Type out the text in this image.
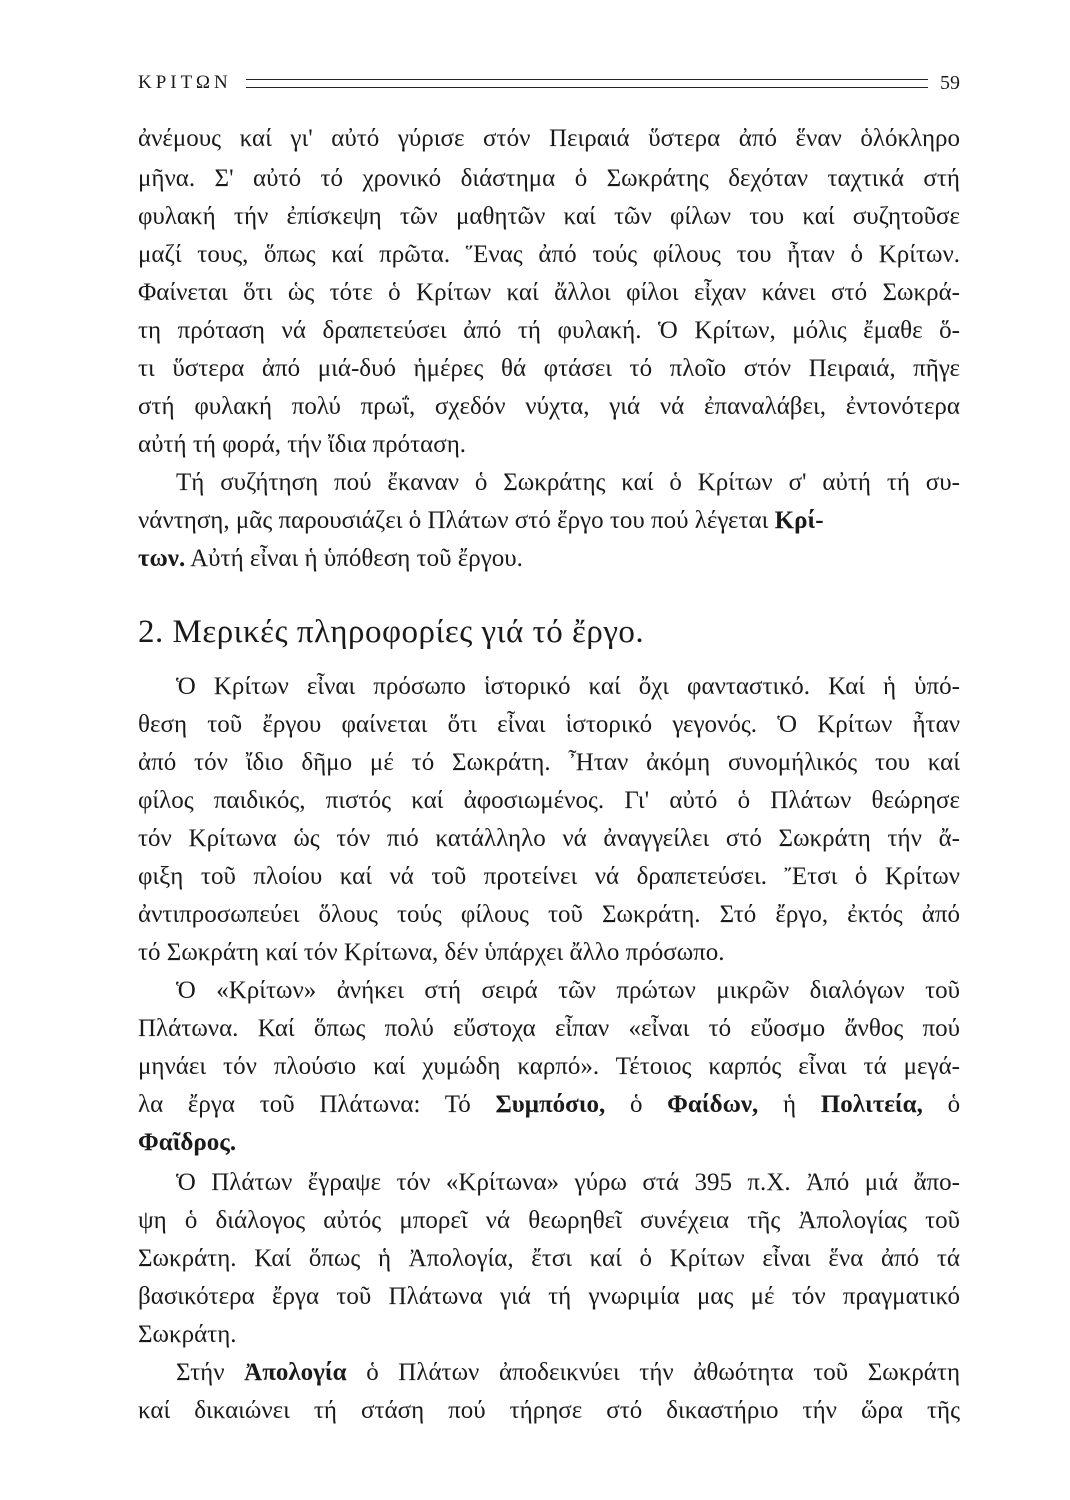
ΚΡΙΤΩΝ	59
ἀνέμους καί γι' αὐτό γύρισε στόν Πειραιά ὕστερα ἀπό ἕναν ὁλόκληρο
μῆνα. Σ' αὐτό τό χρονικό διάστημα ὁ Σωκράτης δεχόταν ταχτικά στή
φυλακή τήν ἐπίσκεψη τῶν μαθητῶν καί τῶν φίλων του καί συζητοῦσε
μαζί τους, ὅπως καί πρῶτα. Ἕνας ἀπό τούς φίλους του ἦταν ὁ Κρίτων.
Φαίνεται ὅτι ὡς τότε ὁ Κρίτων καί ἄλλοι φίλοι εἶχαν κάνει στό Σωκρά-
τη πρόταση νά δραπετεύσει ἀπό τή φυλακή. Ὁ Κρίτων, μόλις ἔμαθε ὅ-
τι ὕστερα ἀπό μιά-δυό ἡμέρες θά φτάσει τό πλοῖο στόν Πειραιά, πῆγε
στή φυλακή πολύ πρωΐ, σχεδόν νύχτα, γιά νά ἐπαναλάβει, ἐντονότερα
αὐτή τή φορά, τήν ἴδια πρόταση.
Τή συζήτηση πού ἔκαναν ὁ Σωκράτης καί ὁ Κρίτων σ' αὐτή τή συ-
νάντηση, μᾶς παρουσιάζει ὁ Πλάτων στό ἔργο του πού λέγεται Κρί-
των. Αὐτή εἶναι ἡ ὑπόθεση τοῦ ἔργου.
2. Μερικές πληροφορίες γιά τό ἔργο.
Ὁ Κρίτων εἶναι πρόσωπο ἱστορικό καί ὄχι φανταστικό. Καί ἡ ὑπό-
θεση τοῦ ἔργου φαίνεται ὅτι εἶναι ἱστορικό γεγονός. Ὁ Κρίτων ἦταν
ἀπό τόν ἴδιο δῆμο μέ τό Σωκράτη. Ἦταν ἀκόμη συνομήλικός του καί
φίλος παιδικός, πιστός καί ἀφοσιωμένος. Γι' αὐτό ὁ Πλάτων θεώρησε
τόν Κρίτωνα ὡς τόν πιό κατάλληλο νά ἀναγγείλει στό Σωκράτη τήν ἄ-
φιξη τοῦ πλοίου καί νά τοῦ προτείνει νά δραπετεύσει. Ἔτσι ὁ Κρίτων
ἀντιπροσωπεύει ὅλους τούς φίλους τοῦ Σωκράτη. Στό ἔργο, ἐκτός ἀπό
τό Σωκράτη καί τόν Κρίτωνα, δέν ὑπάρχει ἄλλο πρόσωπο.
Ὁ «Κρίτων» ἀνήκει στή σειρά τῶν πρώτων μικρῶν διαλόγων τοῦ
Πλάτωνα. Καί ὅπως πολύ εὔστοχα εἶπαν «εἶναι τό εὔοσμο ἄνθος πού
μηνάει τόν πλούσιο καί χυμώδη καρπό». Τέτοιος καρπός εἶναι τά μεγά-
λα ἔργα τοῦ Πλάτωνα: Τό Συμπόσιο, ὁ Φαίδων, ἡ Πολιτεία, ὁ
Φαῖδρος.
Ὁ Πλάτων ἔγραψε τόν «Κρίτωνα» γύρω στά 395 π.Χ. Ἀπό μιά ἄπο-
ψη ὁ διάλογος αὐτός μπορεῖ νά θεωρηθεῖ συνέχεια τῆς Ἀπολογίας τοῦ
Σωκράτη. Καί ὅπως ἡ Ἀπολογία, ἔτσι καί ὁ Κρίτων εἶναι ἕνα ἀπό τά
βασικότερα ἔργα τοῦ Πλάτωνα γιά τή γνωριμία μας μέ τόν πραγματικό
Σωκράτη.
Στήν Ἀπολογία ὁ Πλάτων ἀποδεικνύει τήν ἀθωότητα τοῦ Σωκράτη
καί δικαιώνει τή στάση πού τήρησε στό δικαστήριο τήν ὥρα τῆς
